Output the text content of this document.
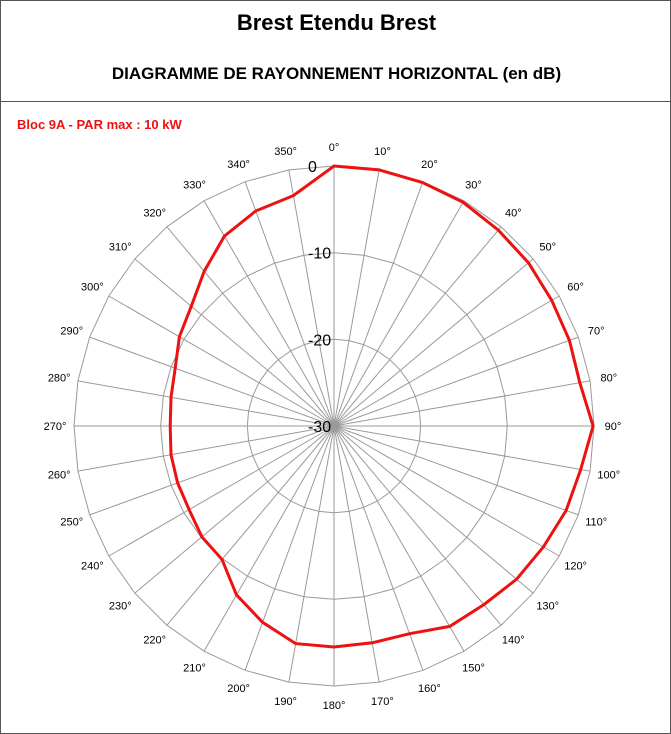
Brest Etendu Brest
DIAGRAMME DE RAYONNEMENT HORIZONTAL (en dB)
Bloc 9A - PAR max : 10 kW
0
-10
-20
-30
0°	10°
20°
30°
40°
50°
60°
70°
80°
90°
100°
110°
120°
130°
140°
150°
160°
170°
180°
190°
200°
210°
220°
230°
240°
250°
260°
270°
280°
290°
300°
310°
320°
330°
340°
350°
